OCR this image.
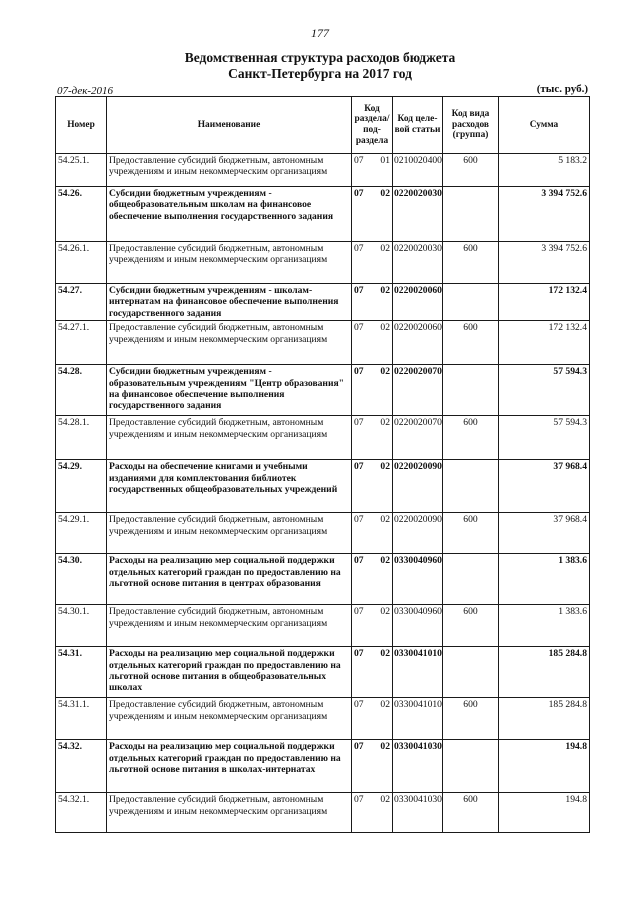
177
Ведомственная структура расходов бюджета
Санкт-Петербурга на 2017 год
07-дек-2016	(тыс. руб.)
Номер	Наименование	Код раздела/ под-раздела	Код целе-вой статьи	Код вида расходов (группа)	Сумма
54.25.1.	Предоставление субсидий бюджетным, автономным учреждениям и иным некоммерческим организациям	07 01	0210020400	600	5 183.2
54.26.	Субсидии бюджетным учреждениям - общеобразовательным школам на финансовое обеспечение выполнения государственного задания	07 02	0220020030		3 394 752.6
54.26.1.	Предоставление субсидий бюджетным, автономным учреждениям и иным некоммерческим организациям	07 02	0220020030	600	3 394 752.6
54.27.	Субсидии бюджетным учреждениям - школам-интернатам на финансовое обеспечение выполнения государственного задания	07 02	0220020060		172 132.4
54.27.1.	Предоставление субсидий бюджетным, автономным учреждениям и иным некоммерческим организациям	07 02	0220020060	600	172 132.4
54.28.	Субсидии бюджетным учреждениям - образовательным учреждениям "Центр образования" на финансовое обеспечение выполнения государственного задания	07 02	0220020070		57 594.3
54.28.1.	Предоставление субсидий бюджетным, автономным учреждениям и иным некоммерческим организациям	07 02	0220020070	600	57 594.3
54.29.	Расходы на обеспечение книгами и учебными изданиями для комплектования библиотек государственных общеобразовательных учреждений	07 02	0220020090		37 968.4
54.29.1.	Предоставление субсидий бюджетным, автономным учреждениям и иным некоммерческим организациям	07 02	0220020090	600	37 968.4
54.30.	Расходы на реализацию мер социальной поддержки отдельных категорий граждан по предоставлению на льготной основе питания в центрах образования	07 02	0330040960		1 383.6
54.30.1.	Предоставление субсидий бюджетным, автономным учреждениям и иным некоммерческим организациям	07 02	0330040960	600	1 383.6
54.31.	Расходы на реализацию мер социальной поддержки отдельных категорий граждан по предоставлению на льготной основе питания в общеобразовательных школах	07 02	0330041010		185 284.8
54.31.1.	Предоставление субсидий бюджетным, автономным учреждениям и иным некоммерческим организациям	07 02	0330041010	600	185 284.8
54.32.	Расходы на реализацию мер социальной поддержки отдельных категорий граждан по предоставлению на льготной основе питания в школах-интернатах	07 02	0330041030		194.8
54.32.1.	Предоставление субсидий бюджетным, автономным учреждениям и иным некоммерческим организациям	07 02	0330041030	600	194.8
